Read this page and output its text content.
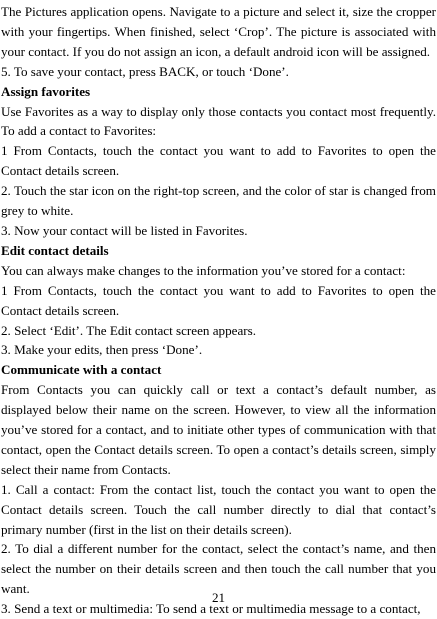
The Pictures application opens. Navigate to a picture and select it, size the cropper with your fingertips. When finished, select ‘Crop’. The picture is associated with your contact. If you do not assign an icon, a default android icon will be assigned.

5. To save your contact, press BACK, or touch ‘Done’.

Assign favorites

Use Favorites as a way to display only those contacts you contact most frequently. To add a contact to Favorites:

1 From Contacts, touch the contact you want to add to Favorites to open the Contact details screen.

2. Touch the star icon on the right-top screen, and the color of star is changed from grey to white.

3. Now your contact will be listed in Favorites.

Edit contact details

You can always make changes to the information you’ve stored for a contact:

1 From Contacts, touch the contact you want to add to Favorites to open the Contact details screen.

2. Select ‘Edit’. The Edit contact screen appears.

3. Make your edits, then press ‘Done’.

Communicate with a contact

From Contacts you can quickly call or text a contact’s default number, as displayed below their name on the screen. However, to view all the information you’ve stored for a contact, and to initiate other types of communication with that contact, open the Contact details screen. To open a contact’s details screen, simply select their name from Contacts.

1. Call a contact: From the contact list, touch the contact you want to open the Contact details screen. Touch the call number directly to dial that contact’s primary number (first in the list on their details screen).

2. To dial a different number for the contact, select the contact’s name, and then select the number on their details screen and then touch the call number that you want.

3. Send a text or multimedia: To send a text or multimedia message to a contact,

21
